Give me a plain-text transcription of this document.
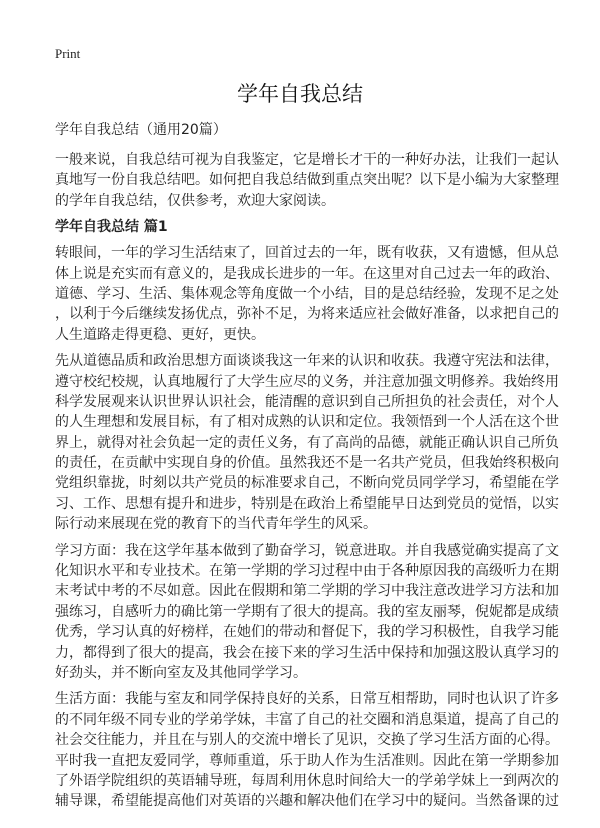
Print
学年自我总结
学年自我总结（通用20篇）
一般来说，自我总结可视为自我鉴定，它是增长才干的一种好办法，让我们一起认
真地写一份自我总结吧。如何把自我总结做到重点突出呢？以下是小编为大家整理
的学年自我总结，仅供参考，欢迎大家阅读。
学年自我总结 篇1
转眼间，一年的学习生活结束了，回首过去的一年，既有收获，又有遗憾，但从总
体上说是充实而有意义的，是我成长进步的一年。在这里对自己过去一年的政治、
道德、学习、生活、集体观念等角度做一个小结，目的是总结经验，发现不足之处
，以利于今后继续发扬优点，弥补不足，为将来适应社会做好准备，以求把自己的
人生道路走得更稳、更好，更快。
先从道德品质和政治思想方面谈谈我这一年来的认识和收获。我遵守宪法和法律，
遵守校纪校规，认真地履行了大学生应尽的义务，并注意加强文明修养。我始终用
科学发展观来认识世界认识社会，能清醒的意识到自己所担负的社会责任，对个人
的人生理想和发展目标，有了相对成熟的认识和定位。我领悟到一个人活在这个世
界上，就得对社会负起一定的责任义务，有了高尚的品德，就能正确认识自己所负
的责任，在贡献中实现自身的价值。虽然我还不是一名共产党员，但我始终积极向
党组织靠拢，时刻以共产党员的标准要求自己，不断向党员同学学习，希望能在学
习、工作、思想有提升和进步，特别是在政治上希望能早日达到党员的觉悟，以实
际行动来展现在党的教育下的当代青年学生的风采。
学习方面：我在这学年基本做到了勤奋学习，锐意进取。并自我感觉确实提高了文
化知识水平和专业技术。在第一学期的学习过程中由于各种原因我的高级听力在期
末考试中考的不尽如意。因此在假期和第二学期的学习中我注意改进学习方法和加
强练习，自感听力的确比第一学期有了很大的提高。我的室友丽琴，倪妮都是成绩
优秀，学习认真的好榜样，在她们的带动和督促下，我的学习积极性，自我学习能
力，都得到了很大的提高，我会在接下来的学习生活中保持和加强这股认真学习的
好劲头，并不断向室友及其他同学学习。
生活方面：我能与室友和同学保持良好的关系，日常互相帮助，同时也认识了许多
的不同年级不同专业的学弟学妹，丰富了自己的社交圈和消息渠道，提高了自己的
社会交往能力，并且在与别人的交流中增长了见识，交换了学习生活方面的心得。
平时我一直把友爱同学，尊师重道，乐于助人作为生活准则。因此在第一学期参加
了外语学院组织的英语辅导班，每周利用休息时间给大一的学弟学妹上一到两次的
辅导课，希望能提高他们对英语的兴趣和解决他们在学习中的疑问。当然备课的过
